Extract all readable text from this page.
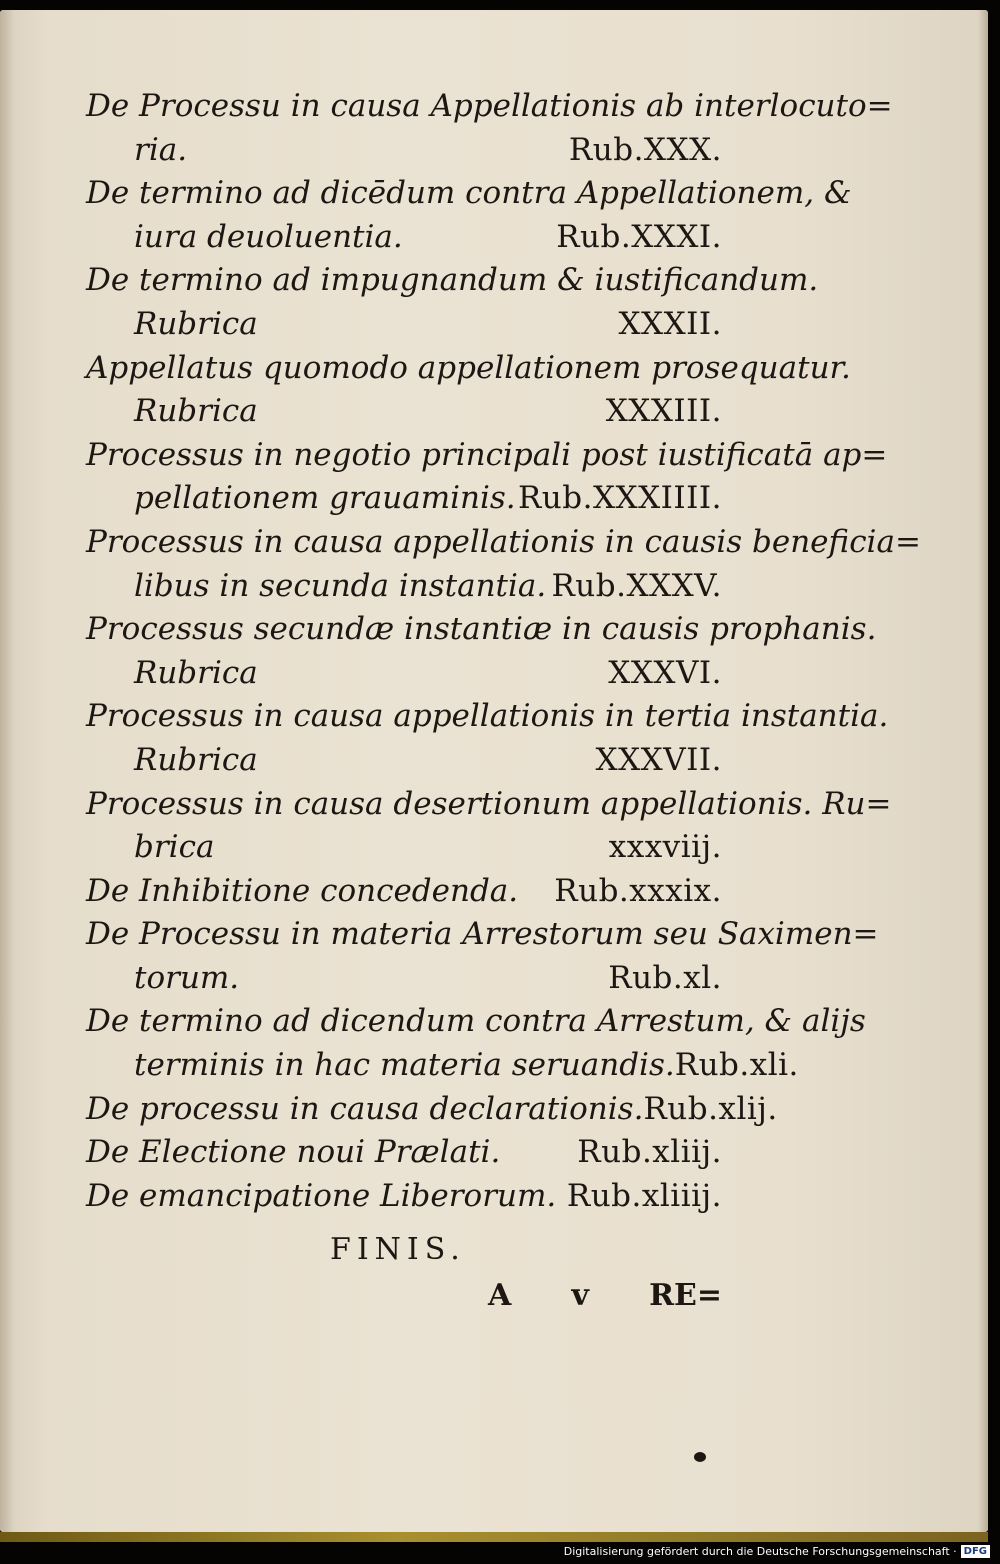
De Processu in causa Appellationis ab interlocuto=
ria.	Rub.XXX.
De termino ad dicēdum contra Appellationem, &
iura deuoluentia.	Rub.XXXI.
De termino ad impugnandum & iustificandum.
Rubrica	XXXII.
Appellatus quomodo appellationem prosequatur.
Rubrica	XXXIII.
Processus in negotio principali post iustificatā ap=
pellationem grauaminis. Rub.XXXIIII.
Processus in causa appellationis in causis beneficia=
libus in secunda instantia. Rub.XXXV.
Processus secundæ instantiæ in causis prophanis.
Rubrica	XXXVI.
Processus in causa appellationis in tertia instantia.
Rubrica	XXXVII.
Processus in causa desertionum appellationis. Ru=
brica	xxxviij.
De Inhibitione concedenda. Rub.xxxix.
De Processu in materia Arrestorum seu Saximen=
torum.	Rub.xl.
De termino ad dicendum contra Arrestum, & alijs
terminis in hac materia seruandis. Rub.xli.
De processu in causa declarationis. Rub.xlij.
De Electione noui Prælati. Rub.xliij.
De emancipatione Liberorum. Rub.xliiij.
FINIS.
A v RE=
Digitalisierung gefördert durch die Deutsche Forschungsgemeinschaft · DFG
